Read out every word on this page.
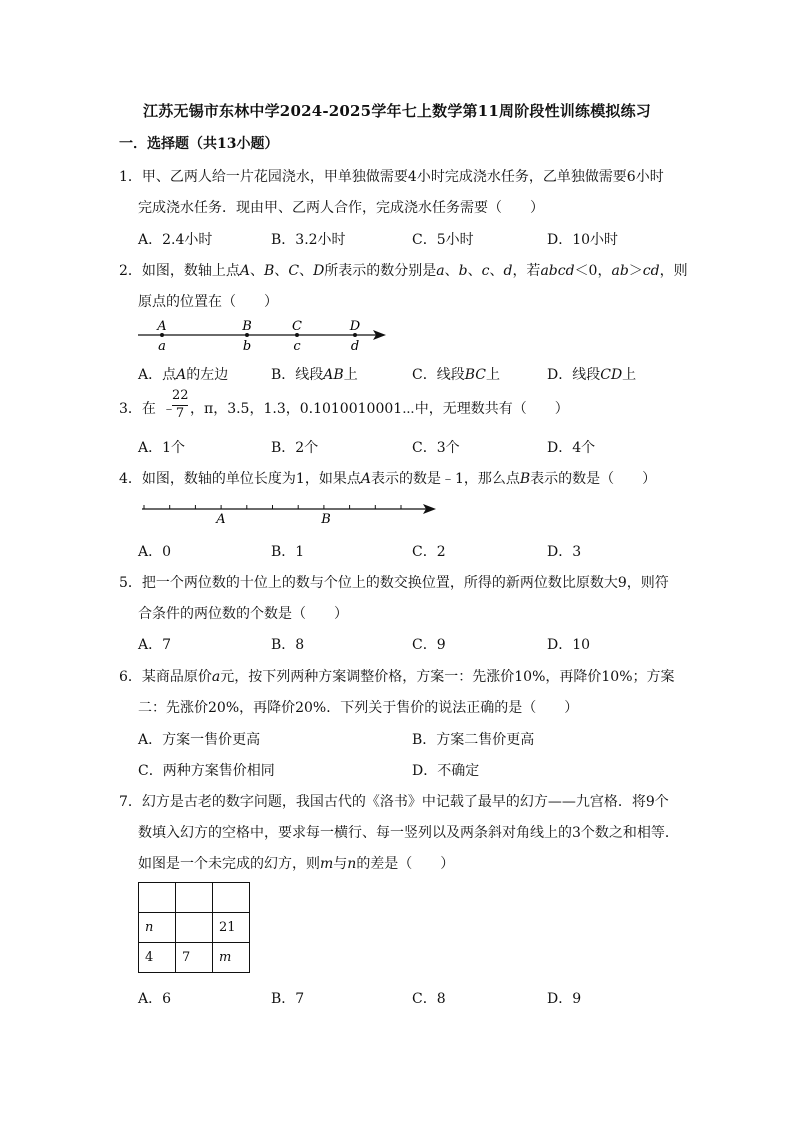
江苏无锡市东林中学2024-2025学年七上数学第11周阶段性训练模拟练习
一．选择题（共13小题）
1．甲、乙两人给一片花园浇水，甲单独做需要4小时完成浇水任务，乙单独做需要6小时
完成浇水任务．现由甲、乙两人合作，完成浇水任务需要（　　）
A．2.4小时	B．3.2小时	C．5小时	D．10小时
2．如图，数轴上点A、B、C、D所表示的数分别是a、b、c、d，若abcd＜0，ab＞cd，则
原点的位置在（　　）
A	B	C	D
a	b	c	d
A．点A的左边	B．线段AB上	C．线段BC上	D．线段CD上
3．在 ﹣
22
7 ，π，3.5，1.3，0.1010010001⋯中，无理数共有（　　）
A．1个	B．2个	C．3个	D．4个
4．如图，数轴的单位长度为1，如果点A表示的数是﹣1，那么点B表示的数是（　　）
A	B
A．0	B．1	C．2	D．3
5．把一个两位数的十位上的数与个位上的数交换位置，所得的新两位数比原数大9，则符
合条件的两位数的个数是（　　）
A．7	B．8	C．9	D．10
6．某商品原价a元，按下列两种方案调整价格，方案一：先涨价10%，再降价10%；方案
二：先涨价20%，再降价20%．下列关于售价的说法正确的是（　　）
A．方案一售价更高	B．方案二售价更高
C．两种方案售价相同	D．不确定
7．幻方是古老的数字问题，我国古代的《洛书》中记载了最早的幻方——九宫格．将9个
数填入幻方的空格中，要求每一横行、每一竖列以及两条斜对角线上的3个数之和相等．
如图是一个未完成的幻方，则m与n的差是（　　）

n		21
4	7	m
A．6	B．7	C．8	D．9
